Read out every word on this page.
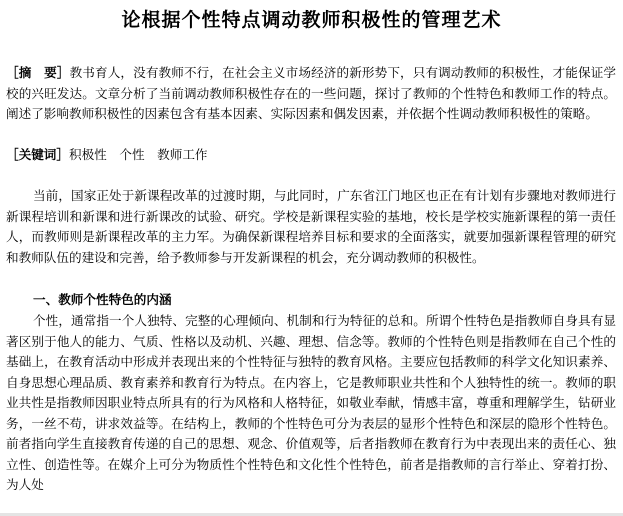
论根据个性特点调动教师积极性的管理艺术
［摘　要］教书育人，没有教师不行，在社会主义市场经济的新形势下，只有调动教师的积极性，才能保证学校的兴旺发达。文章分析了当前调动教师积极性存在的一些问题，探讨了教师的个性特色和教师工作的特点。阐述了影响教师积极性的因素包含有基本因素、实际因素和偶发因素，并依据个性调动教师积极性的策略。
［关键词］积极性　个性　教师工作
当前，国家正处于新课程改革的过渡时期，与此同时，广东省江门地区也正在有计划有步骤地对教师进行新课程培训和新课和进行新课改的试验、研究。学校是新课程实验的基地，校长是学校实施新课程的第一责任人，而教师则是新课程改革的主力军。为确保新课程培养目标和要求的全面落实，就要加强新课程管理的研究和教师队伍的建设和完善，给予教师参与开发新课程的机会，充分调动教师的积极性。
一、教师个性特色的内涵
个性，通常指一个人独特、完整的心理倾向、机制和行为特征的总和。所谓个性特色是指教师自身具有显著区别于他人的能力、气质、性格以及动机、兴趣、理想、信念等。教师的个性特色则是指教师在自己个性的基础上，在教育活动中形成并表现出来的个性特征与独特的教育风格。主要应包括教师的科学文化知识素养、自身思想心理品质、教育素养和教育行为特点。在内容上，它是教师职业共性和个人独特性的统一。教师的职业共性是指教师因职业特点所具有的行为风格和人格特征，如敬业奉献，情感丰富，尊重和理解学生，钻研业务，一丝不苟，讲求效益等。在结构上，教师的个性特色可分为表层的显形个性特色和深层的隐形个性特色。前者指向学生直接教育传递的自己的思想、观念、价值观等，后者指教师在教育行为中表现出来的责任心、独立性、创造性等。在媒介上可分为物质性个性特色和文化性个性特色，前者是指教师的言行举止、穿着打扮、为人处
